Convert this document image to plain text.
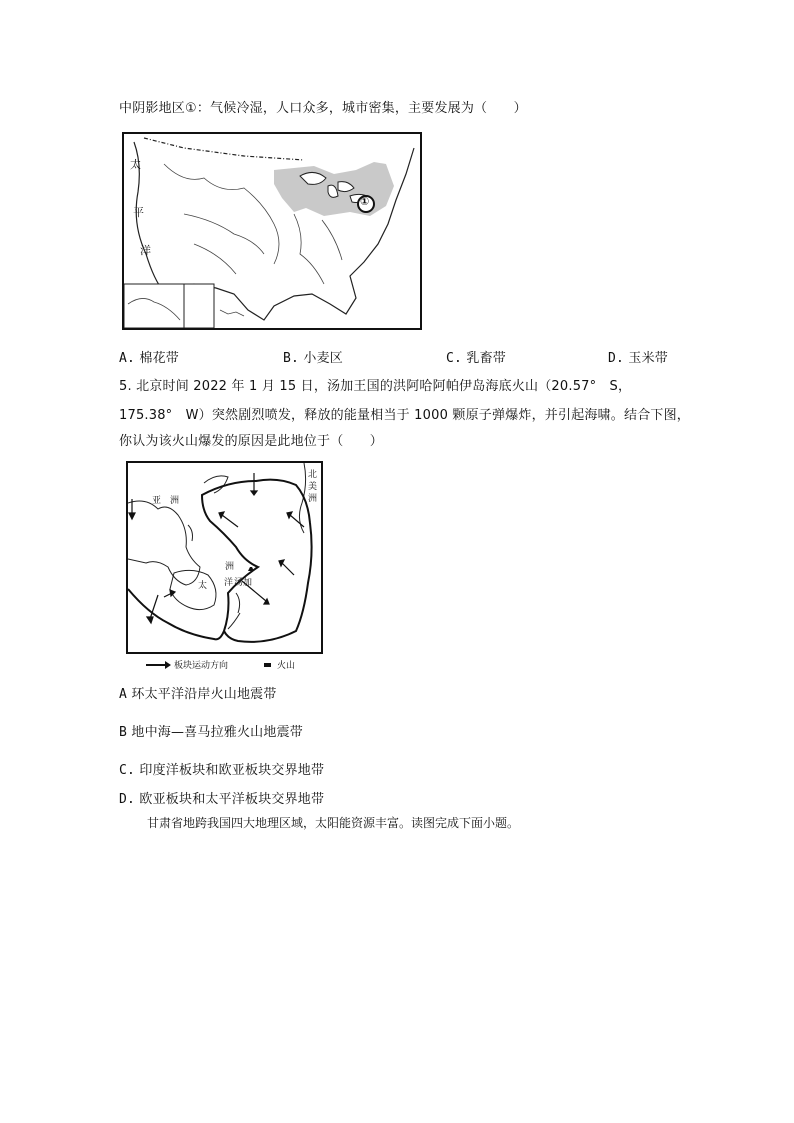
中阴影地区①：气候冷湿，人口众多，城市密集，主要发展为（　　）
太
平
洋
①
A. 棉花带	B. 小麦区	C. 乳畜带	D. 玉米带
5. 北京时间 2022 年 1 月 15 日，汤加王国的洪阿哈阿帕伊岛海底火山（20.57°　S，
175.38°　W）突然剧烈喷发，释放的能量相当于 1000 颗原子弹爆炸，并引起海啸。结合下图，
你认为该火山爆发的原因是此地位于（　　）
亚　洲
北
美
洲
洲
太 洋 汤加
板块运动方向	火山
A 环太平洋沿岸火山地震带
B 地中海—喜马拉雅火山地震带
C. 印度洋板块和欧亚板块交界地带
D. 欧亚板块和太平洋板块交界地带
甘肃省地跨我国四大地理区域，太阳能资源丰富。读图完成下面小题。
